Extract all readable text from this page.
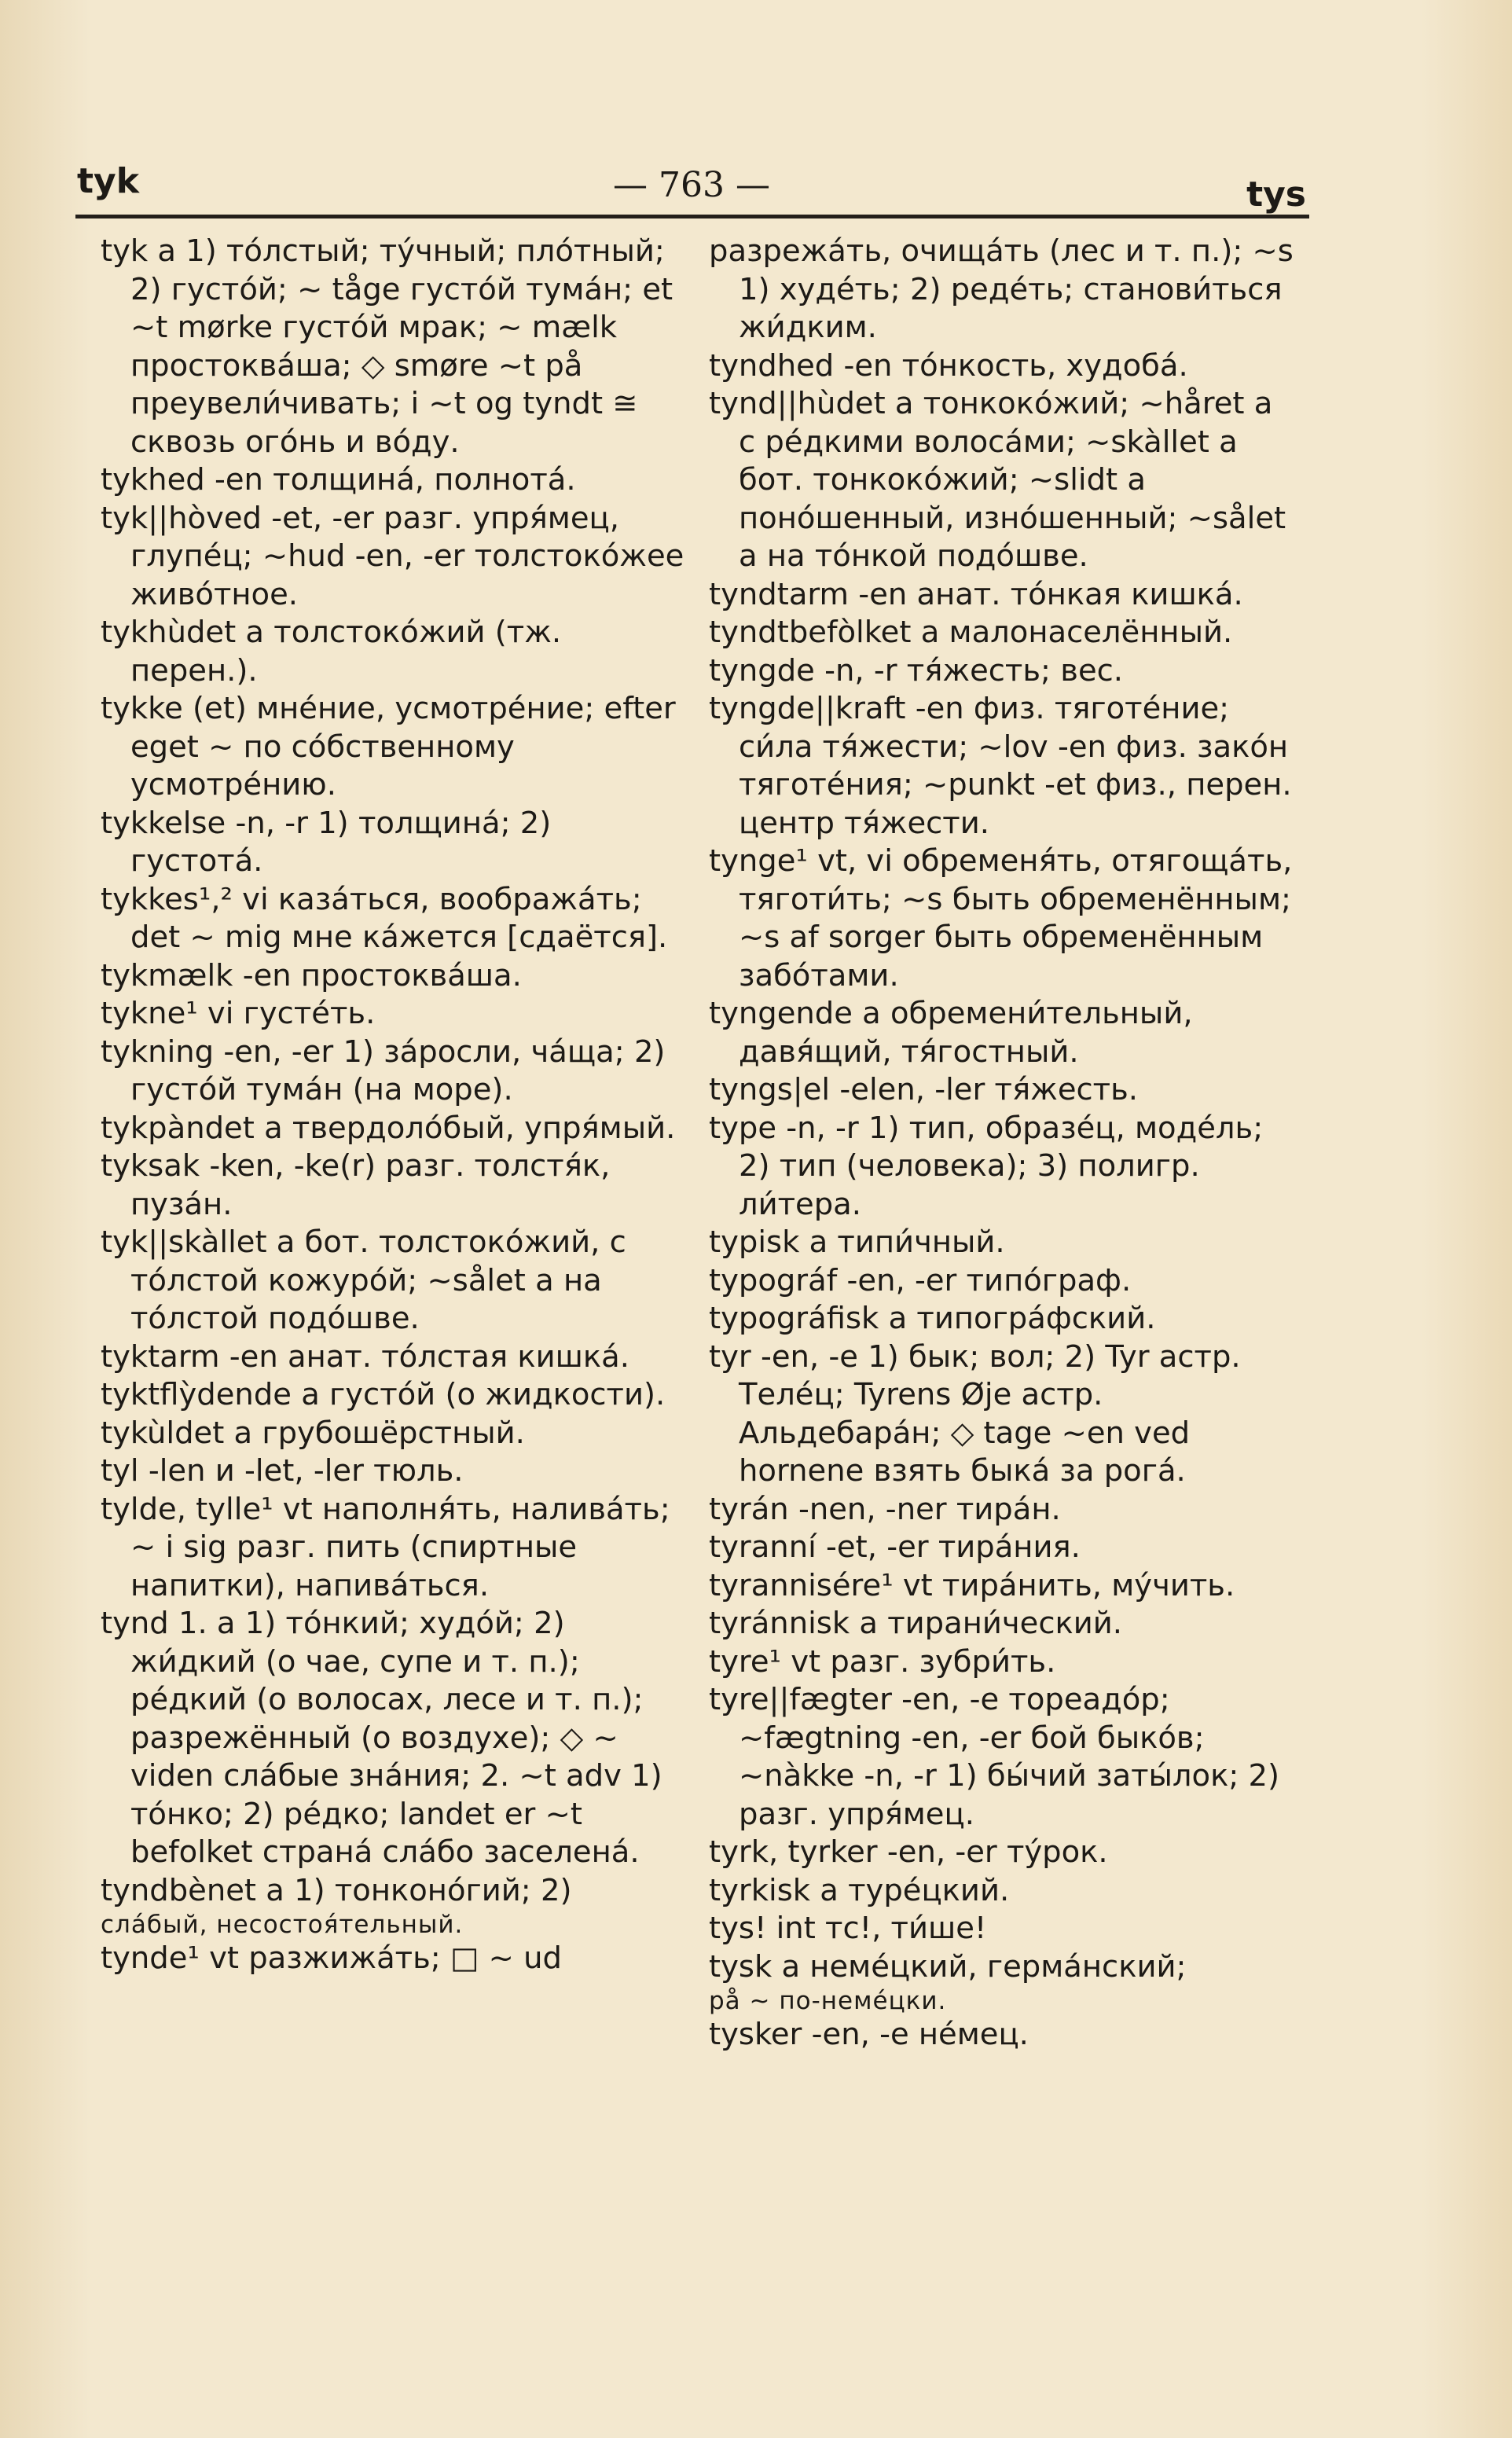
tyk	— 763 —	tys

tyk a 1) то́лстый; ту́чный; пло́тный; 2) густо́й; ~ tåge густо́й тума́н; et ~t mørke густо́й мрак; ~ mælk простоква́ша; ◇ smøre ~t på преувели́чивать; i ~t og tyndt ≅ сквозь ого́нь и во́ду.

tykhed -en толщина́, полнота́.

tyk||hòved -et, -er разг. упря́мец, глупе́ц; ~hud -en, -er толстоко́жее живо́тное.

tykhùdet a толстоко́жий (тж. перен.).

tykke (et) мне́ние, усмотре́ние; efter eget ~ по со́бственному усмотре́нию.

tykkelse -n, -r 1) толщина́; 2) густота́.

tykkes¹,² vi каза́ться, вообража́ть; det ~ mig мне ка́жется [сдаётся].

tykmælk -en простоква́ша.

tykne¹ vi густе́ть.

tykning -en, -er 1) за́росли, ча́ща; 2) густо́й тума́н (на море).

tykpàndet a твердоло́бый, упря́мый.

tyksak -ken, -ke(r) разг. толстя́к, пуза́н.

tyk||skàllet a бот. толстоко́жий, с то́лстой кожуро́й; ~sålet a на то́лстой подо́шве.

tyktarm -en анат. то́лстая кишка́.

tyktflỳdende a густо́й (о жидкости).

tykùldet a грубошёрстный.

tyl -len и -let, -ler тюль.

tylde, tylle¹ vt наполня́ть, налива́ть; ~ i sig разг. пить (спиртные напитки), напива́ться.

tynd 1. a 1) то́нкий; худо́й; 2) жи́дкий (о чае, супе и т. п.); ре́дкий (о волосах, лесе и т. п.); разрежённый (о воздухе); ◇ ~ viden сла́бые зна́ния; 2. ~t adv 1) то́нко; 2) ре́дко; landet er ~t befolket страна́ сла́бо заселена́.

tyndbènet a 1) тонконо́гий; 2)

сла́бый, несостоя́тельный.

tynde¹ vt разжижа́ть; □ ~ ud

разрежа́ть, очища́ть (лес и т. п.); ~s 1) худе́ть; 2) реде́ть; станови́ться жи́дким.

tyndhed -en то́нкость, худоба́.

tynd||hùdet a тонкоко́жий; ~håret a с ре́дкими волоса́ми; ~skàllet a бот. тонкоко́жий; ~slidt a поно́шенный, изно́шенный; ~sålet a на то́нкой подо́шве.

tyndtarm -en анат. то́нкая кишка́.

tyndtbefòlket a малонаселённый.

tyngde -n, -r тя́жесть; вес.

tyngde||kraft -en физ. тяготе́ние; си́ла тя́жести; ~lov -en физ. зако́н тяготе́ния; ~punkt -et физ., перен. центр тя́жести.

tynge¹ vt, vi обременя́ть, отягоща́ть, тяготи́ть; ~s быть обременённым; ~s af sorger быть обременённым забо́тами.

tyngende a обремени́тельный, давя́щий, тя́гостный.

tyngs|el -elen, -ler тя́жесть.

type -n, -r 1) тип, образе́ц, моде́ль; 2) тип (человека); 3) полигр. ли́тера.

typisk a типи́чный.

typográf -en, -er типо́граф.

typográfisk a типогра́фский.

tyr -en, -e 1) бык; вол; 2) Tyr астр. Теле́ц; Tyrens Øje астр. Альдебара́н; ◇ tage ~en ved hornene взять быка́ за рога́.

tyrán -nen, -ner тира́н.

tyranní -et, -er тира́ния.

tyrannisére¹ vt тира́нить, му́чить.

tyránnisk a тирани́ческий.

tyre¹ vt разг. зубри́ть.

tyre||fægter -en, -e тореадо́р; ~fægtning -en, -er бой быко́в; ~nàkke -n, -r 1) бы́чий заты́лок; 2) разг. упря́мец.

tyrk, tyrker -en, -er ту́рок.

tyrkisk a туре́цкий.

tys! int тс!, ти́ше!

tysk a неме́цкий, герма́нский;

på ~ по-неме́цки.

tysker -en, -e не́мец.
